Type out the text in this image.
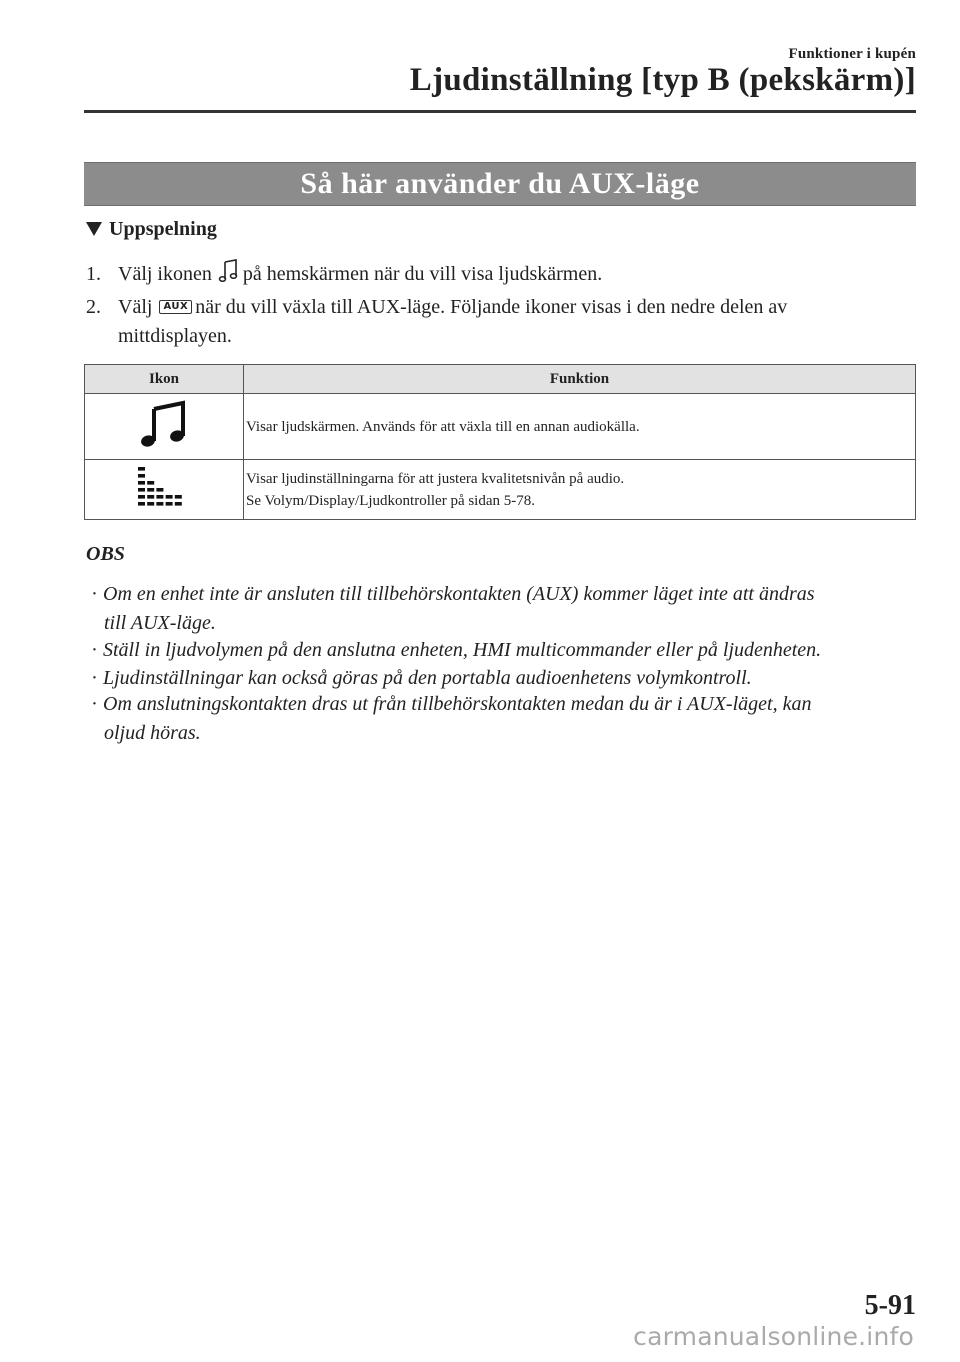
Funktioner i kupén
Ljudinställning [typ B (pekskärm)]
Så här använder du AUX-läge
Uppspelning
1. Välj ikonen på hemskärmen när du vill visa ljudskärmen.
2. Välj AUX när du vill växla till AUX-läge. Följande ikoner visas i den nedre delen av
mittdisplayen.
Ikon	Funktion
	Visar ljudskärmen. Används för att växla till en annan audiokälla.
	Visar ljudinställningarna för att justera kvalitetsnivån på audio.
Se Volym/Display/Ljudkontroller på sidan 5-78.
OBS
· Om en enhet inte är ansluten till tillbehörskontakten (AUX) kommer läget inte att ändras
till AUX-läge.
· Ställ in ljudvolymen på den anslutna enheten, HMI multicommander eller på ljudenheten.
· Ljudinställningar kan också göras på den portabla audioenhetens volymkontroll.
· Om anslutningskontakten dras ut från tillbehörskontakten medan du är i AUX-läget, kan
oljud höras.
5-91
carmanualsonline.info
